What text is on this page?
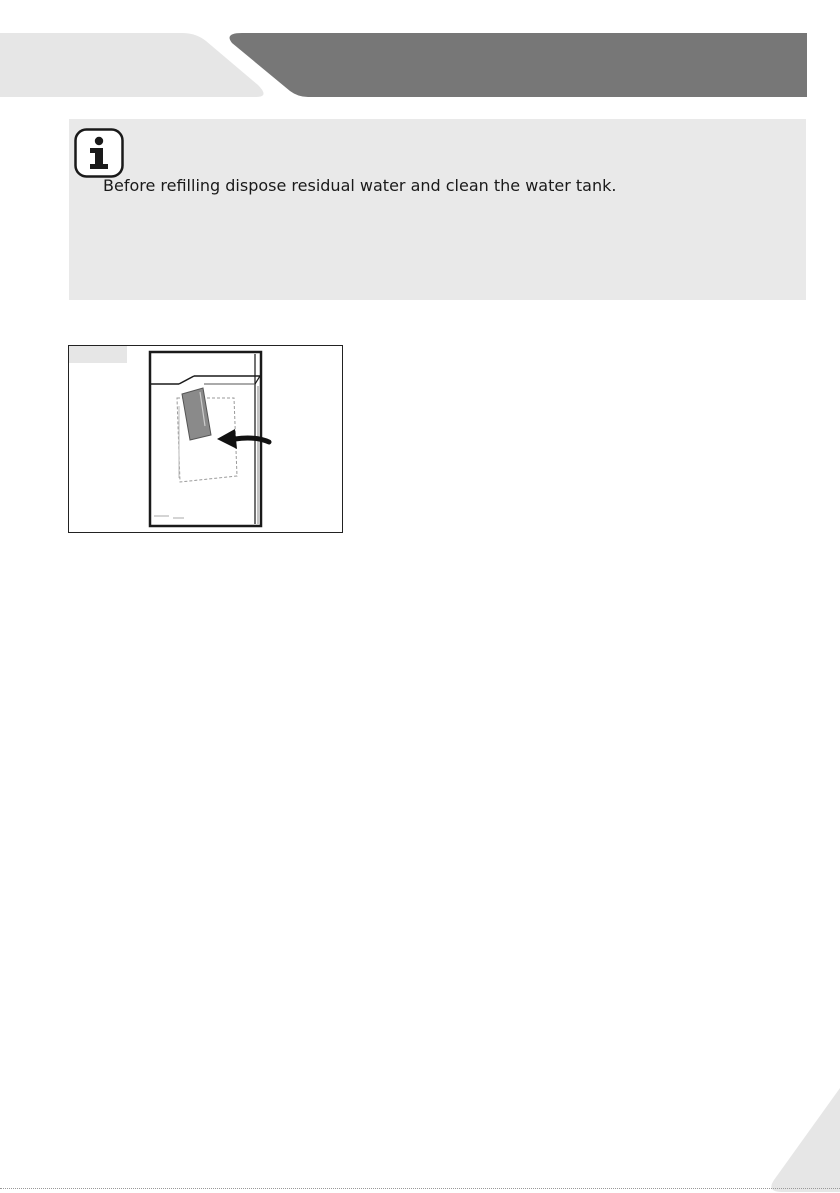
Before refilling dispose residual water and clean the water tank.
